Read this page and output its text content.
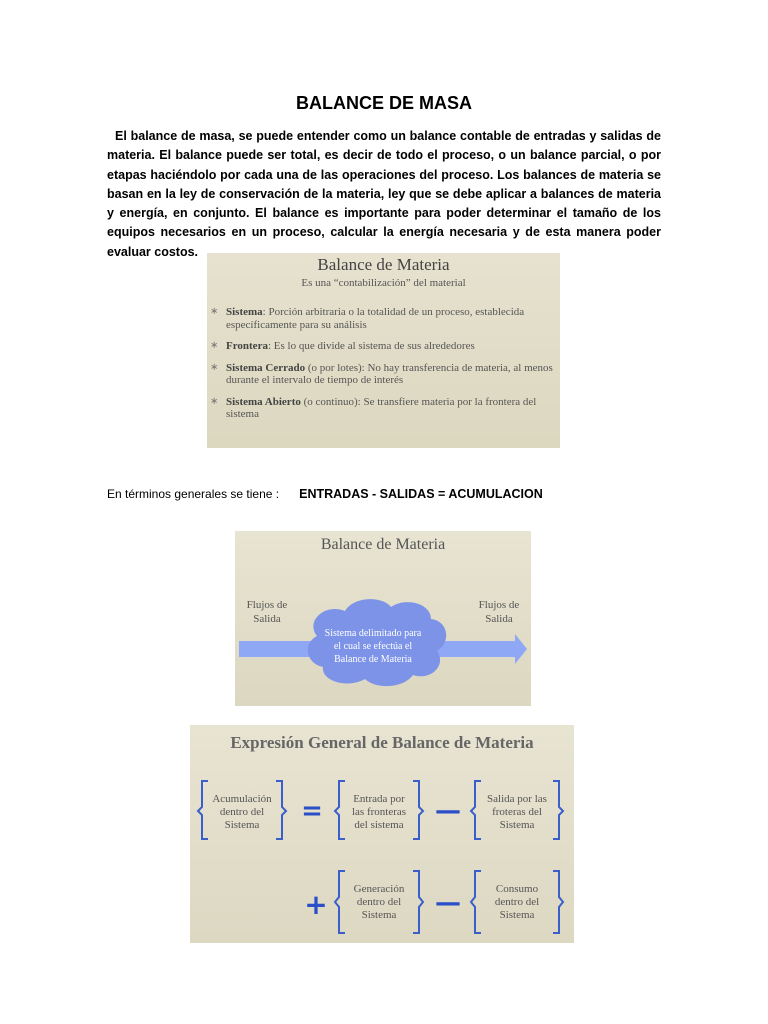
BALANCE DE MASA
El balance de masa, se puede entender como un balance contable de entradas y salidas de materia. El balance puede ser total, es decir de todo el proceso, o un balance parcial, o por etapas haciéndolo por cada una de las operaciones del proceso. Los balances de materia se basan en la ley de conservación de la materia, ley que se debe aplicar a balances de materia y energía, en conjunto. El balance es importante para poder determinar el tamaño de los equipos necesarios en un proceso, calcular la energía necesaria y de esta manera poder evaluar costos.
Balance de Materia
Es una “contabilización” del material
∗ Sistema: Porción arbitraria o la totalidad de un proceso, establecida específicamente para su análisis
∗ Frontera: Es lo que divide al sistema de sus alrededores
∗ Sistema Cerrado (o por lotes): No hay transferencia de materia, al menos durante el intervalo de tiempo de interés
∗ Sistema Abierto (o continuo): Se transfiere materia por la frontera del sistema
En términos generales se tiene : ENTRADAS - SALIDAS = ACUMULACION
Balance de Materia
Flujos de
Salida
Flujos de
Salida
Sistema delimitado para
el cual se efectúa el
Balance de Materia
Expresión General de Balance de Materia
=	—
+	—
Acumulación
dentro del
Sistema
Entrada por
las fronteras
del sistema
Salida por las
froteras del
Sistema
Generación
dentro del
Sistema
Consumo
dentro del
Sistema
